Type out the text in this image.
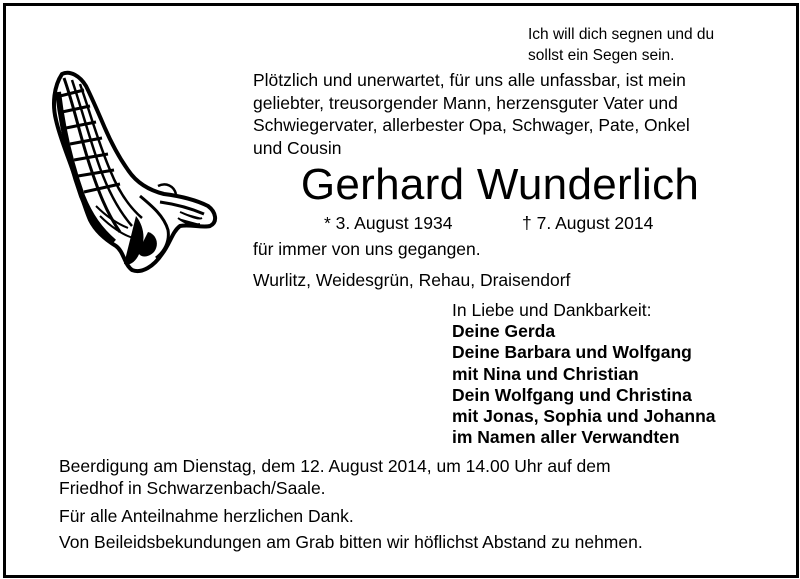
Ich will dich segnen und du
sollst ein Segen sein.
Plötzlich und unerwartet, für uns alle unfassbar, ist mein
geliebter, treusorgender Mann, herzensguter Vater und
Schwiegervater, allerbester Opa, Schwager, Pate, Onkel
und Cousin
Gerhard Wunderlich
* 3. August 1934	† 7. August 2014
für immer von uns gegangen.
Wurlitz, Weidesgrün, Rehau, Draisendorf
In Liebe und Dankbarkeit:
Deine Gerda
Deine Barbara und Wolfgang
mit Nina und Christian
Dein Wolfgang und Christina
mit Jonas, Sophia und Johanna
im Namen aller Verwandten
Beerdigung am Dienstag, dem 12. August 2014, um 14.00 Uhr auf dem
Friedhof in Schwarzenbach/Saale.
Für alle Anteilnahme herzlichen Dank.
Von Beileidsbekundungen am Grab bitten wir höflichst Abstand zu nehmen.
